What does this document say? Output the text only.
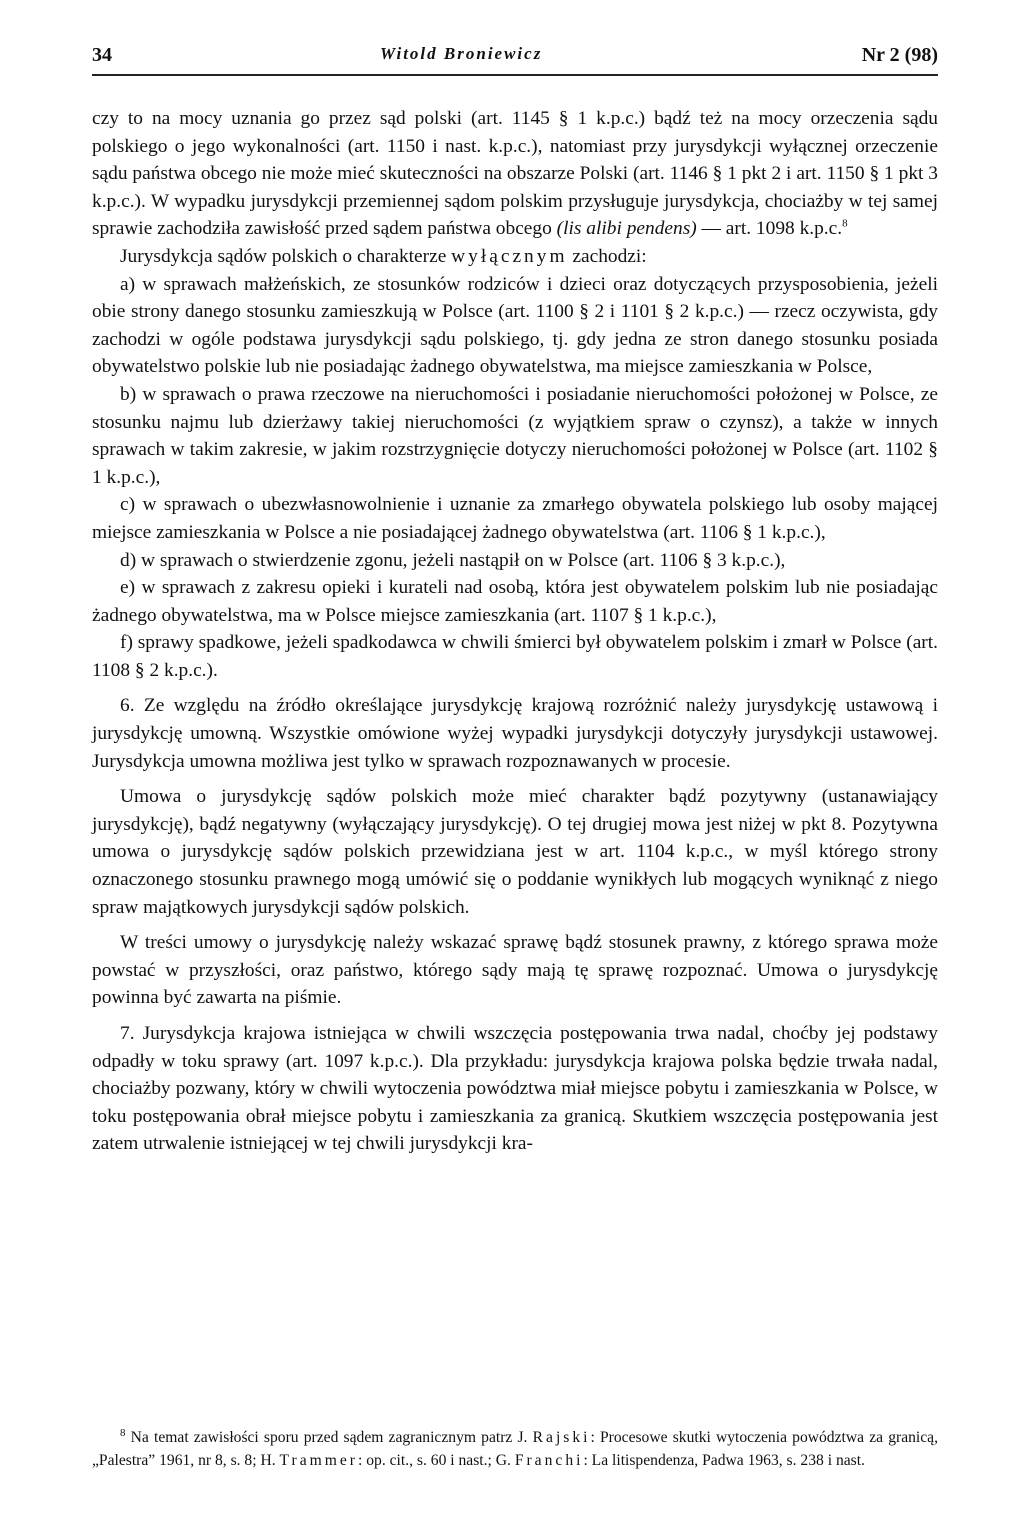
34	Witold Broniewicz	Nr 2 (98)

czy to na mocy uznania go przez sąd polski (art. 1145 § 1 k.p.c.) bądź też na mocy orzeczenia sądu polskiego o jego wykonalności (art. 1150 i nast. k.p.c.), natomiast przy jurysdykcji wyłącznej orzeczenie sądu państwa obcego nie może mieć skuteczności na obszarze Polski (art. 1146 § 1 pkt 2 i art. 1150 § 1 pkt 3 k.p.c.). W wypadku jurysdykcji przemiennej sądom polskim przysługuje jurysdykcja, chociażby w tej samej sprawie zachodziła zawisłość przed sądem państwa obcego (lis alibi pendens) — art. 1098 k.p.c.$^8$

Jurysdykcja sądów polskich o charakterze wyłącznym zachodzi:

a) w sprawach małżeńskich, ze stosunków rodziców i dzieci oraz dotyczących przysposobienia, jeżeli obie strony danego stosunku zamieszkują w Polsce (art. 1100 § 2 i 1101 § 2 k.p.c.) — rzecz oczywista, gdy zachodzi w ogóle podstawa jurysdykcji sądu polskiego, tj. gdy jedna ze stron danego stosunku posiada obywatelstwo polskie lub nie posiadając żadnego obywatelstwa, ma miejsce zamieszkania w Polsce,

b) w sprawach o prawa rzeczowe na nieruchomości i posiadanie nieruchomości położonej w Polsce, ze stosunku najmu lub dzierżawy takiej nieruchomości (z wyjątkiem spraw o czynsz), a także w innych sprawach w takim zakresie, w jakim rozstrzygnięcie dotyczy nieruchomości położonej w Polsce (art. 1102 § 1 k.p.c.),

c) w sprawach o ubezwłasnowolnienie i uznanie za zmarłego obywatela polskiego lub osoby mającej miejsce zamieszkania w Polsce a nie posiadającej żadnego obywatelstwa (art. 1106 § 1 k.p.c.),

d) w sprawach o stwierdzenie zgonu, jeżeli nastąpił on w Polsce (art. 1106 § 3 k.p.c.),

e) w sprawach z zakresu opieki i kurateli nad osobą, która jest obywatelem polskim lub nie posiadając żadnego obywatelstwa, ma w Polsce miejsce zamieszkania (art. 1107 § 1 k.p.c.),

f) sprawy spadkowe, jeżeli spadkodawca w chwili śmierci był obywatelem polskim i zmarł w Polsce (art. 1108 § 2 k.p.c.).

6. Ze względu na źródło określające jurysdykcję krajową rozróżnić należy jurysdykcję ustawową i jurysdykcję umowną. Wszystkie omówione wyżej wypadki jurysdykcji dotyczyły jurysdykcji ustawowej. Jurysdykcja umowna możliwa jest tylko w sprawach rozpoznawanych w procesie.

Umowa o jurysdykcję sądów polskich może mieć charakter bądź pozytywny (ustanawiający jurysdykcję), bądź negatywny (wyłączający jurysdykcję). O tej drugiej mowa jest niżej w pkt 8. Pozytywna umowa o jurysdykcję sądów polskich przewidziana jest w art. 1104 k.p.c., w myśl którego strony oznaczonego stosunku prawnego mogą umówić się o poddanie wynikłych lub mogących wyniknąć z niego spraw majątkowych jurysdykcji sądów polskich.

W treści umowy o jurysdykcję należy wskazać sprawę bądź stosunek prawny, z którego sprawa może powstać w przyszłości, oraz państwo, którego sądy mają tę sprawę rozpoznać. Umowa o jurysdykcję powinna być zawarta na piśmie.

7. Jurysdykcja krajowa istniejąca w chwili wszczęcia postępowania trwa nadal, choćby jej podstawy odpadły w toku sprawy (art. 1097 k.p.c.). Dla przykładu: jurysdykcja krajowa polska będzie trwała nadal, chociażby pozwany, który w chwili wytoczenia powództwa miał miejsce pobytu i zamieszkania w Polsce, w toku postępowania obrał miejsce pobytu i zamieszkania za granicą. Skutkiem wszczęcia postępowania jest zatem utrwalenie istniejącej w tej chwili jurysdykcji kra-

$^8$ Na temat zawisłości sporu przed sądem zagranicznym patrz J. Rajski: Procesowe skutki wytoczenia powództwa za granicą, „Palestra” 1961, nr 8, s. 8; H. Trammer: op. cit., s. 60 i nast.; G. Franchi: La litispendenza, Padwa 1963, s. 238 i nast.
